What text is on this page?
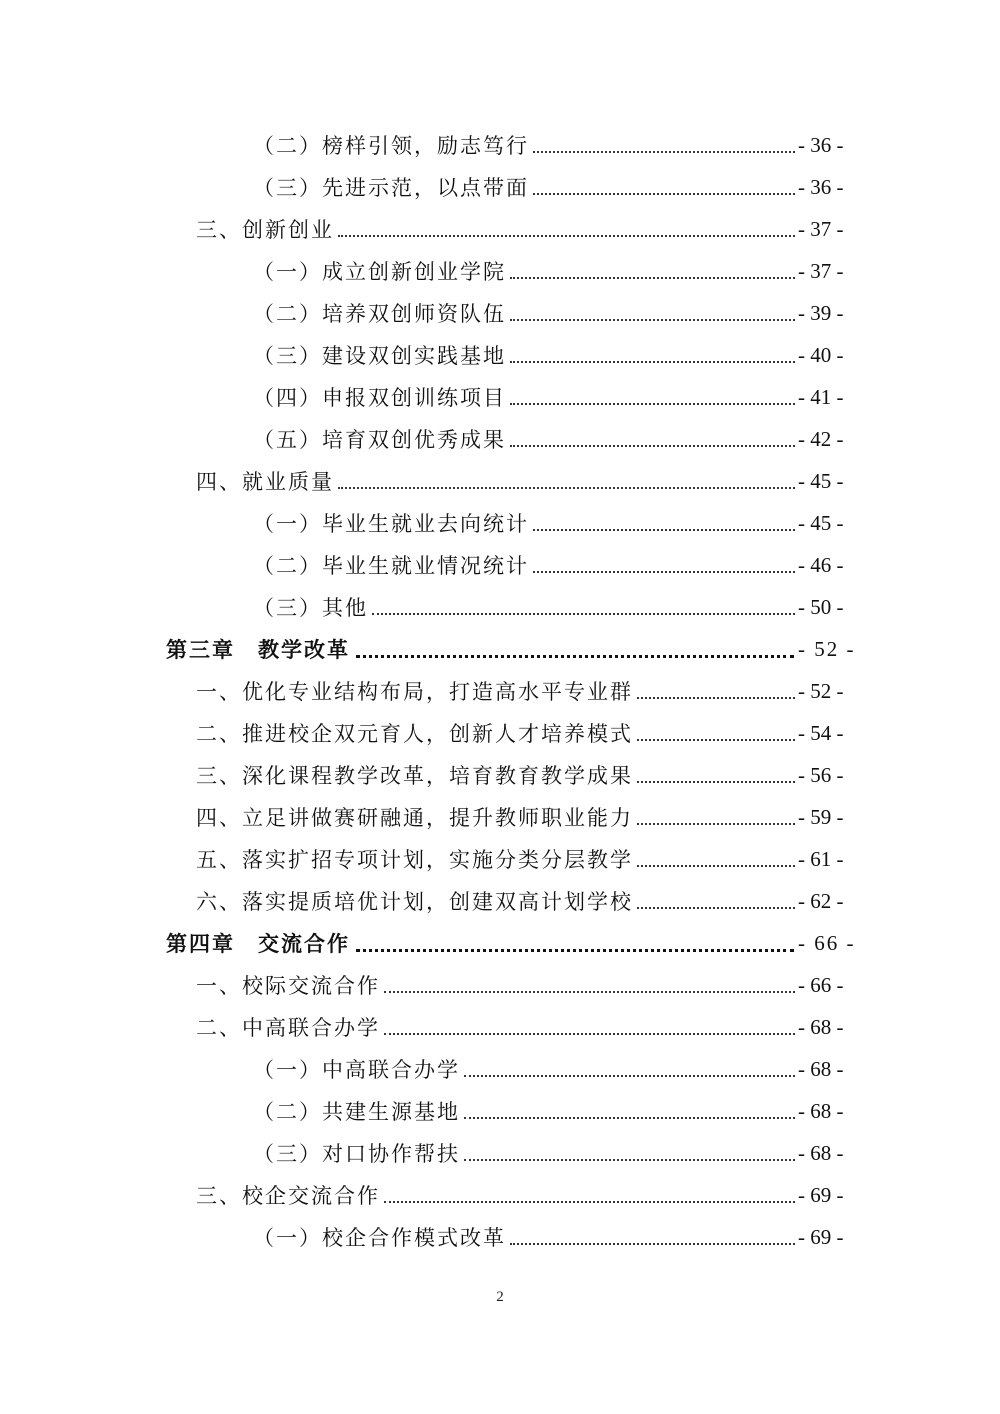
（二）榜样引领，励志笃行	- 36 -
（三）先进示范，以点带面	- 36 -
三、创新创业	- 37 -
（一）成立创新创业学院	- 37 -
（二）培养双创师资队伍	- 39 -
（三）建设双创实践基地	- 40 -
（四）申报双创训练项目	- 41 -
（五）培育双创优秀成果	- 42 -
四、就业质量	- 45 -
（一）毕业生就业去向统计	- 45 -
（二）毕业生就业情况统计	- 46 -
（三）其他	- 50 -
第三章　教学改革	- 52 -
一、优化专业结构布局，打造高水平专业群	- 52 -
二、推进校企双元育人，创新人才培养模式	- 54 -
三、深化课程教学改革，培育教育教学成果	- 56 -
四、立足讲做赛研融通，提升教师职业能力	- 59 -
五、落实扩招专项计划，实施分类分层教学	- 61 -
六、落实提质培优计划，创建双高计划学校	- 62 -
第四章　交流合作	- 66 -
一、校际交流合作	- 66 -
二、中高联合办学	- 68 -
（一）中高联合办学	- 68 -
（二）共建生源基地	- 68 -
（三）对口协作帮扶	- 68 -
三、校企交流合作	- 69 -
（一）校企合作模式改革	- 69 -
2
